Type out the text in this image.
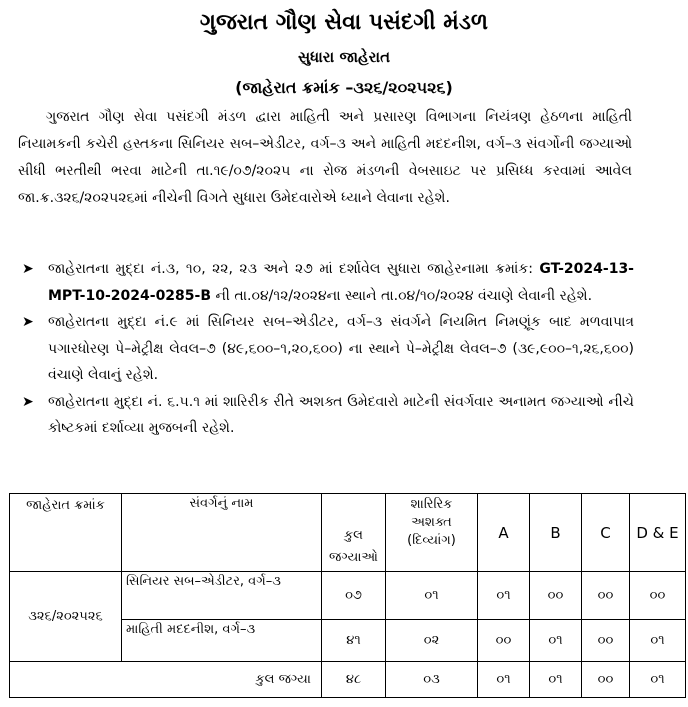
ગુજરાત ગૌણ સેવા પસંદગી મંડળ
સુધારા જાહેરાત
(જાહેરાત ક્રમાંક –૩૨૬/૨૦૨૫૨૬)
ગુજરાત ગૌણ સેવા પસંદગી મંડળ દ્વારા માહિતી અને પ્રસારણ વિભાગના નિયંત્રણ હેઠળના માહિતી નિયામકની કચેરી હસ્તકના સિનિયર સબ–એડીટર, વર્ગ–૩ અને માહિતી મદદનીશ, વર્ગ–૩ સંવર્ગોની જગ્યાઓ સીધી ભરતીથી ભરવા માટેની તા.૧૯/૦૭/૨૦૨૫ ના રોજ મંડળની વેબસાઇટ પર પ્રસિધ્ધ કરવામાં આવેલ જા.ક્ર.૩૨૬/૨૦૨૫૨૬માં નીચેની વિગતે સુધારા ઉમેદવારોએ ધ્યાને લેવાના રહેશે.
➤ જાહેરાતના મુદ્દા નં.૩, ૧૦, ૨૨, ૨૩ અને ૨૭ માં દર્શાવેલ સુધારા જાહેરનામા ક્રમાંક: GT-2024-13-MPT-10-2024-0285-B ની તા.૦૪/૧૨/૨૦૨૪ના સ્થાને તા.૦૪/૧૦/૨૦૨૪ વંચાણે લેવાની રહેશે.
➤ જાહેરાતના મુદ્દા નં.૯ માં સિનિયર સબ–એડીટર, વર્ગ–૩ સંવર્ગને નિયમિત નિમણૂંક બાદ મળવાપાત્ર પગારધોરણ પે–મેટ્રીક્ષ લેવલ–૭ (૪૯,૬૦૦–૧,૨૦,૬૦૦) ના સ્થાને પે–મેટ્રીક્ષ લેવલ–૭ (૩૯,૯૦૦–૧,૨૬,૬૦૦) વંચાણે લેવાનું રહેશે.
➤ જાહેરાતના મુદ્દા નં. ૬.૫.૧ માં શારિરીક રીતે અશક્ત ઉમેદવારો માટેની સંવર્ગવાર અનામત જગ્યાઓ નીચે કોષ્ટકમાં દર્શાવ્યા મુજબની રહેશે.
જાહેરાત ક્રમાંક	સંવર્ગનું નામ	કુલ જગ્યાઓ	શારિરિક અશક્ત (દિવ્યાંગ)	A	B	C	D & E
૩૨૬/૨૦૨૫૨૬	સિનિયર સબ–એડીટર, વર્ગ–૩	૦૭	૦૧	૦૧	૦૦	૦૦	૦૦
	માહિતી મદદનીશ, વર્ગ–૩	૪૧	૦૨	૦૦	૦૧	૦૦	૦૧
કુલ જગ્યા		૪૮	૦૩	૦૧	૦૧	૦૦	૦૧
